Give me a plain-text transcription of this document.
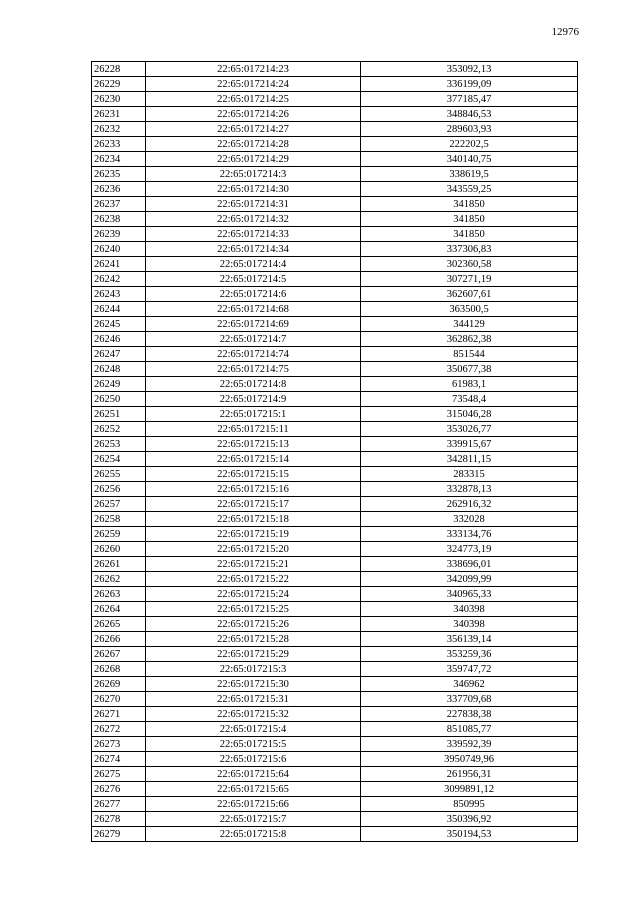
12976
26228	22:65:017214:23	353092,13
26229	22:65:017214:24	336199,09
26230	22:65:017214:25	377185,47
26231	22:65:017214:26	348846,53
26232	22:65:017214:27	289603,93
26233	22:65:017214:28	222202,5
26234	22:65:017214:29	340140,75
26235	22:65:017214:3	338619,5
26236	22:65:017214:30	343559,25
26237	22:65:017214:31	341850
26238	22:65:017214:32	341850
26239	22:65:017214:33	341850
26240	22:65:017214:34	337306,83
26241	22:65:017214:4	302360,58
26242	22:65:017214:5	307271,19
26243	22:65:017214:6	362607,61
26244	22:65:017214:68	363500,5
26245	22:65:017214:69	344129
26246	22:65:017214:7	362862,38
26247	22:65:017214:74	851544
26248	22:65:017214:75	350677,38
26249	22:65:017214:8	61983,1
26250	22:65:017214:9	73548,4
26251	22:65:017215:1	315046,28
26252	22:65:017215:11	353026,77
26253	22:65:017215:13	339915,67
26254	22:65:017215:14	342811,15
26255	22:65:017215:15	283315
26256	22:65:017215:16	332878,13
26257	22:65:017215:17	262916,32
26258	22:65:017215:18	332028
26259	22:65:017215:19	333134,76
26260	22:65:017215:20	324773,19
26261	22:65:017215:21	338696,01
26262	22:65:017215:22	342099,99
26263	22:65:017215:24	340965,33
26264	22:65:017215:25	340398
26265	22:65:017215:26	340398
26266	22:65:017215:28	356139,14
26267	22:65:017215:29	353259,36
26268	22:65:017215:3	359747,72
26269	22:65:017215:30	346962
26270	22:65:017215:31	337709,68
26271	22:65:017215:32	227838,38
26272	22:65:017215:4	851085,77
26273	22:65:017215:5	339592,39
26274	22:65:017215:6	3950749,96
26275	22:65:017215:64	261956,31
26276	22:65:017215:65	3099891,12
26277	22:65:017215:66	850995
26278	22:65:017215:7	350396,92
26279	22:65:017215:8	350194,53
